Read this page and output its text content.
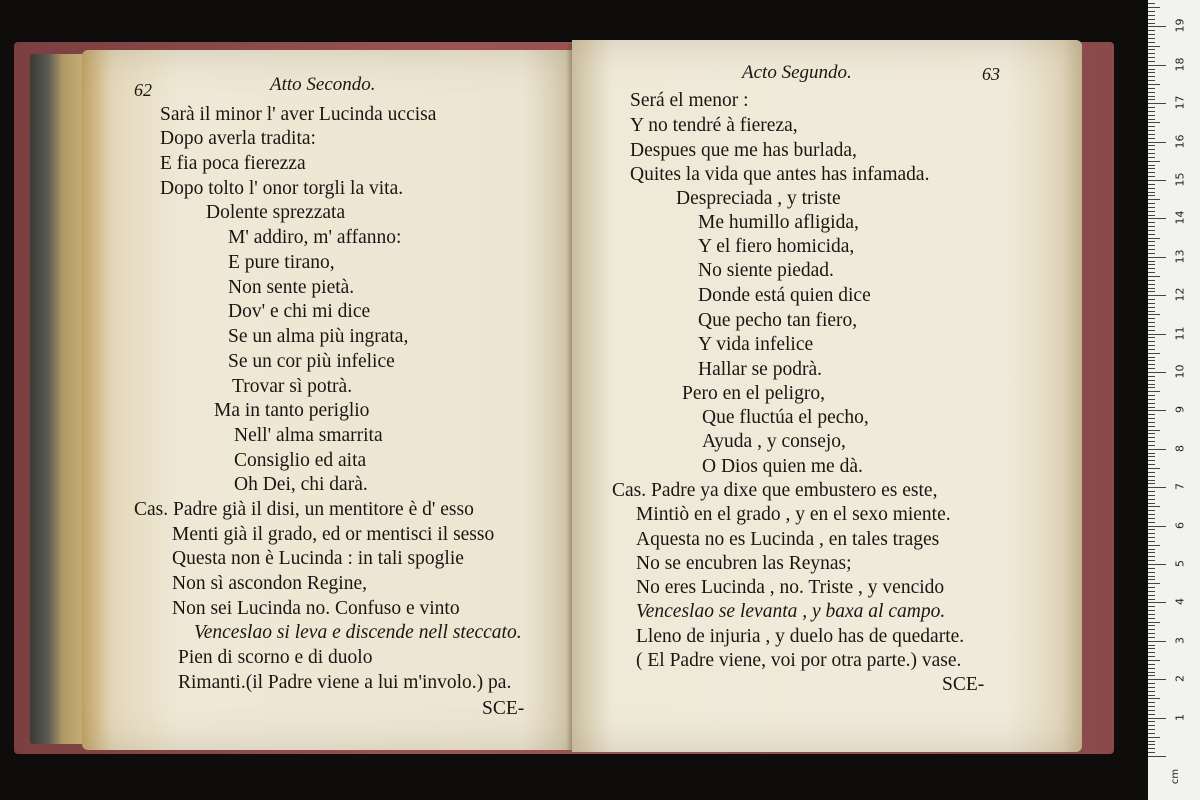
62	Atto Secondo.
Sarà il minor l' aver Lucinda uccisa
Dopo averla tradita:
E fia poca fierezza
Dopo tolto l' onor torgli la vita.
Dolente sprezzata
M' addiro, m' affanno:
E pure tirano,
Non sente pietà.
Dov' e chi mi dice
Se un alma più ingrata,
Se un cor più infelice
Trovar sì potrà.
Ma in tanto periglio
Nell' alma smarrita
Consiglio ed aita
Oh Dei, chi darà.
Cas. Padre già il disi, un mentitore è d' esso
Menti già il grado, ed or mentisci il sesso
Questa non è Lucinda : in tali spoglie
Non sì ascondon Regine,
Non sei Lucinda no. Confuso e vinto
Venceslao si leva e discende nell steccato.
Pien di scorno e di duolo
Rimanti.(il Padre viene a lui m'involo.) pa.
SCE-
Acto Segundo.	63
Será el menor :
Y no tendré à fiereza,
Despues que me has burlada,
Quites la vida que antes has infamada.
Despreciada , y triste
Me humillo afligida,
Y el fiero homicida,
No siente piedad.
Donde está quien dice
Que pecho tan fiero,
Y vida infelice
Hallar se podrà.
Pero en el peligro,
Que fluctúa el pecho,
Ayuda , y consejo,
O Dios quien me dà.
Cas. Padre ya dixe que embustero es este,
Mintiò en el grado , y en el sexo miente.
Aquesta no es Lucinda , en tales trages
No se encubren las Reynas;
No eres Lucinda , no. Triste , y vencido
Venceslao se levanta , y baxa al campo.
Lleno de injuria , y duelo has de quedarte.
( El Padre viene, voi por otra parte.) vase.
SCE-
1
2
3
4
5
6
7
8
9
10
11
12
13
14
15
16
17
18
19
cm
